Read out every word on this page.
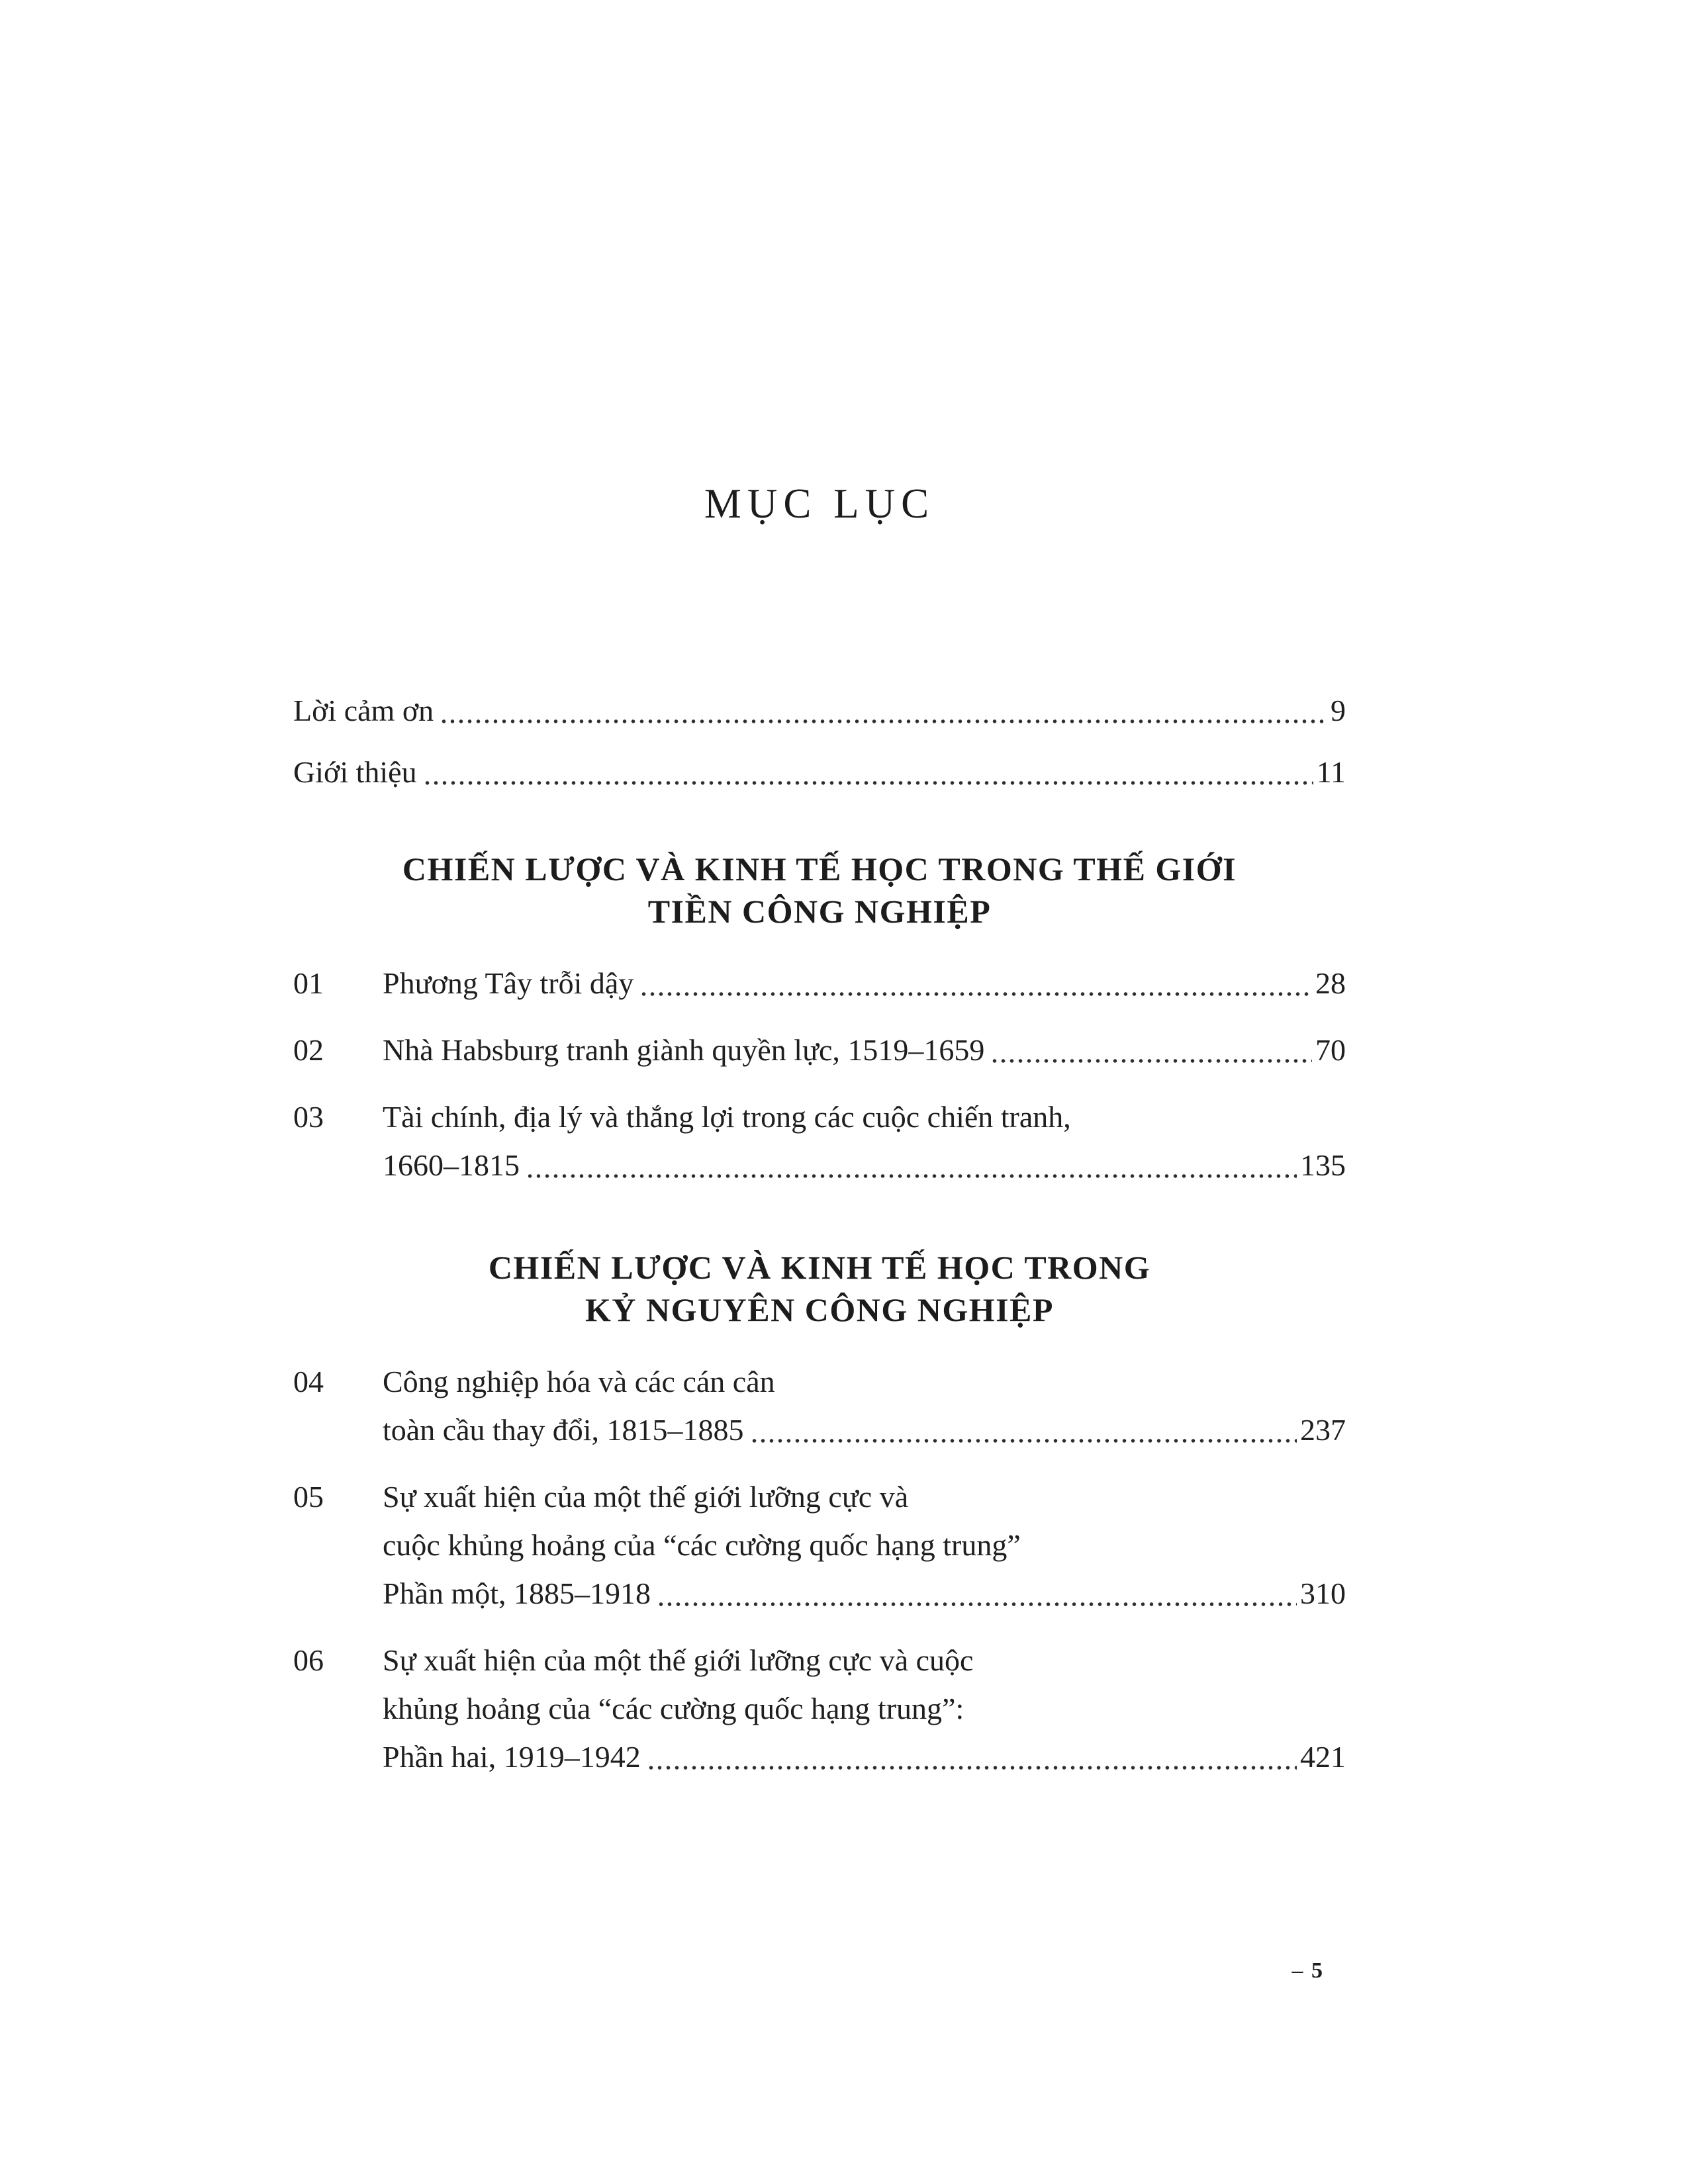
MỤC LỤC
Lời cảm ơn	9
Giới thiệu	11
CHIẾN LƯỢC VÀ KINH TẾ HỌC TRONG THẾ GIỚI
TIỀN CÔNG NGHIỆP
01	Phương Tây trỗi dậy	28
02	Nhà Habsburg tranh giành quyền lực, 1519–1659	70
03	Tài chính, địa lý và thắng lợi trong các cuộc chiến tranh,
1660–1815	135
CHIẾN LƯỢC VÀ KINH TẾ HỌC TRONG
KỶ NGUYÊN CÔNG NGHIỆP
04	Công nghiệp hóa và các cán cân
toàn cầu thay đổi, 1815–1885	237
05	Sự xuất hiện của một thế giới lưỡng cực và
cuộc khủng hoảng của “các cường quốc hạng trung”
Phần một, 1885–1918	310
06	Sự xuất hiện của một thế giới lưỡng cực và cuộc
khủng hoảng của “các cường quốc hạng trung”:
Phần hai, 1919–1942	421
– 5
